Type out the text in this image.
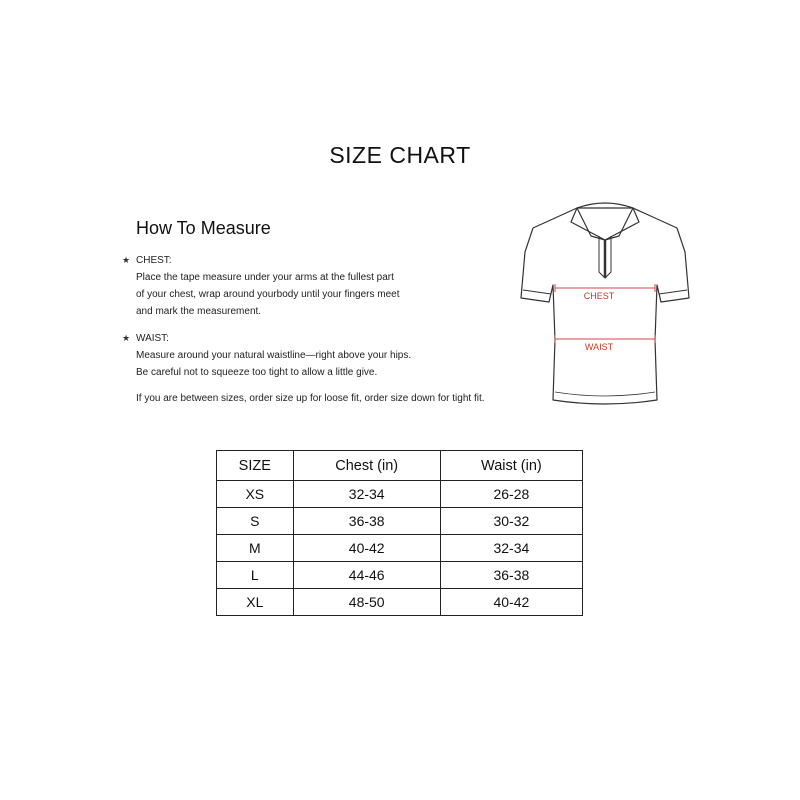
SIZE CHART
How To Measure
★ CHEST:
Place the tape measure under your arms at the fullest part
of your chest, wrap around yourbody until your fingers meet
and mark the measurement.
★ WAIST:
Measure around your natural waistline—right above your hips.
Be careful not to squeeze too tight to allow a little give.
If you are between sizes, order size up for loose fit, order size down for tight fit.
CHEST
WAIST
SIZE	Chest (in)	Waist (in)
XS	32-34	26-28
S	36-38	30-32
M	40-42	32-34
L	44-46	36-38
XL	48-50	40-42
